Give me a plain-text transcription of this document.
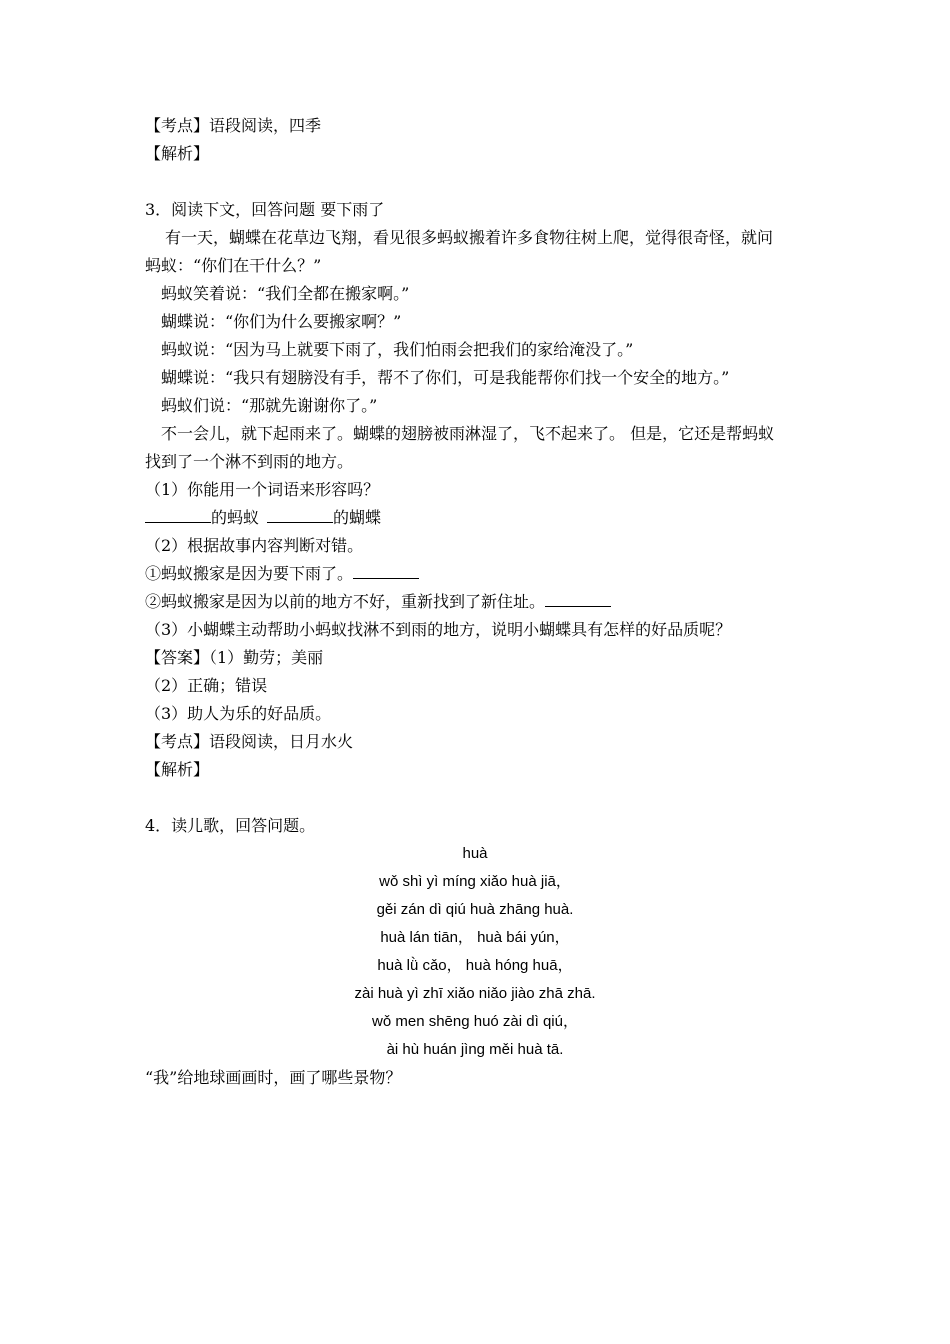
【考点】语段阅读，四季
【解析】
3．阅读下文，回答问题 要下雨了
有一天，蝴蝶在花草边飞翔，看见很多蚂蚁搬着许多食物往树上爬，觉得很奇怪，就问
蚂蚁：“你们在干什么？”
蚂蚁笑着说：“我们全都在搬家啊。”
蝴蝶说：“你们为什么要搬家啊？”
蚂蚁说：“因为马上就要下雨了，我们怕雨会把我们的家给淹没了。”
蝴蝶说：“我只有翅膀没有手，帮不了你们，可是我能帮你们找一个安全的地方。”
蚂蚁们说：“那就先谢谢你了。”
不一会儿，就下起雨来了。蝴蝶的翅膀被雨淋湿了，飞不起来了。 但是，它还是帮蚂蚁
找到了一个淋不到雨的地方。
（1）你能用一个词语来形容吗？
的蚂蚁	的蝴蝶
（2）根据故事内容判断对错。
①蚂蚁搬家是因为要下雨了。
②蚂蚁搬家是因为以前的地方不好，重新找到了新住址。
（3）小蝴蝶主动帮助小蚂蚁找淋不到雨的地方，说明小蝴蝶具有怎样的好品质呢？
【答案】（1）勤劳；美丽
（2）正确；错误
（3）助人为乐的好品质。
【考点】语段阅读，日月水火
【解析】
4．读儿歌，回答问题。
huà
wǒ shì yì míng xiǎo huà jiā，
gěi zán dì qiú huà zhāng huà.
huà lán tiān， huà bái yún，
huà lǜ cǎo， huà hóng huā，
zài huà yì zhī xiǎo niǎo jiào zhā zhā.
wǒ men shēng huó zài dì qiú，
ài hù huán jìng měi huà tā.
“我”给地球画画时，画了哪些景物？
